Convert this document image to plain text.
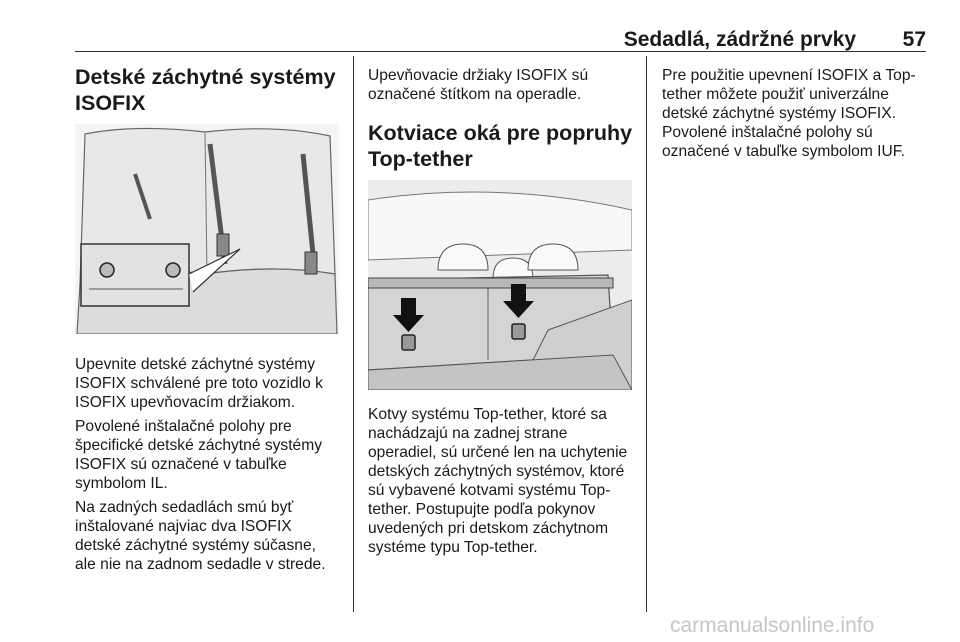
Sedadlá, zádržné prvky 57
Detské záchytné systémy ISOFIX

Upevnite detské záchytné systémy ISOFIX schválené pre toto vozidlo k ISOFIX upevňovacím držiakom.

Povolené inštalačné polohy pre špecifické detské záchytné systémy ISOFIX sú označené v tabuľke symbolom IL.

Na zadných sedadlách smú byť inštalované najviac dva ISOFIX detské záchytné systémy súčasne, ale nie na zadnom sedadle v strede.

Upevňovacie držiaky ISOFIX sú označené štítkom na operadle.

Kotviace oká pre popruhy Top-tether

Kotvy systému Top-tether, ktoré sa nachádzajú na zadnej strane operadiel, sú určené len na uchytenie detských záchytných systémov, ktoré sú vybavené kotvami systému Top-tether. Postupujte podľa pokynov uvedených pri detskom záchytnom systéme typu Top-tether.

Pre použitie upevnení ISOFIX a Top-tether môžete použiť univerzálne detské záchytné systémy ISOFIX. Povolené inštalačné polohy sú označené v tabuľke symbolom IUF.

carmanualsonline.info
